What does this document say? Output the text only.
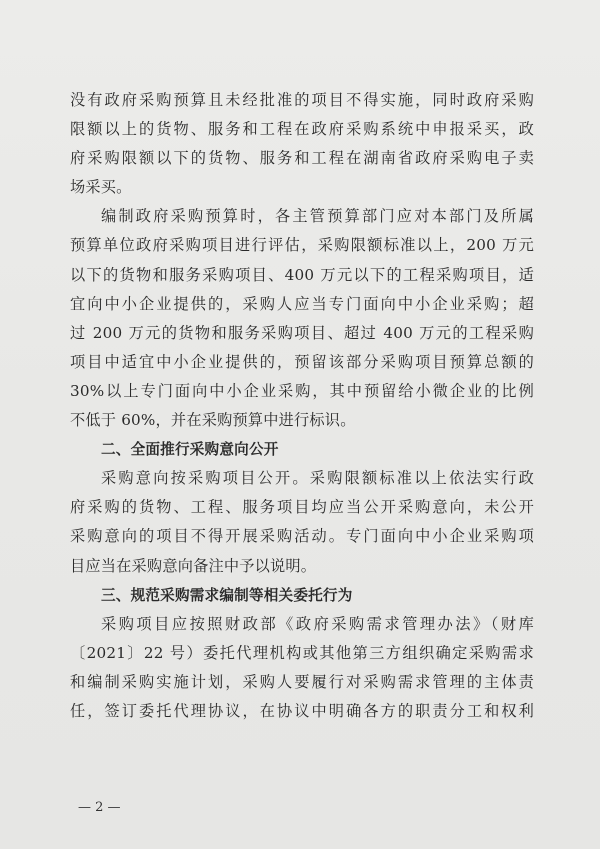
没有政府采购预算且未经批准的项目不得实施，同时政府采购
限额以上的货物、服务和工程在政府采购系统中申报采买，政
府采购限额以下的货物、服务和工程在湖南省政府采购电子卖
场采买。
编制政府采购预算时，各主管预算部门应对本部门及所属
预算单位政府采购项目进行评估，采购限额标准以上，200 万元
以下的货物和服务采购项目、400 万元以下的工程采购项目，适
宜向中小企业提供的，采购人应当专门面向中小企业采购；超
过 200 万元的货物和服务采购项目、超过 400 万元的工程采购
项目中适宜中小企业提供的，预留该部分采购项目预算总额的
30%以上专门面向中小企业采购，其中预留给小微企业的比例
不低于 60%，并在采购预算中进行标识。
二、全面推行采购意向公开
采购意向按采购项目公开。采购限额标准以上依法实行政
府采购的货物、工程、服务项目均应当公开采购意向，未公开
采购意向的项目不得开展采购活动。专门面向中小企业采购项
目应当在采购意向备注中予以说明。
三、规范采购需求编制等相关委托行为
采购项目应按照财政部《政府采购需求管理办法》（财库
〔2021〕22 号）委托代理机构或其他第三方组织确定采购需求
和编制采购实施计划，采购人要履行对采购需求管理的主体责
任，签订委托代理协议，在协议中明确各方的职责分工和权利
— 2 —
